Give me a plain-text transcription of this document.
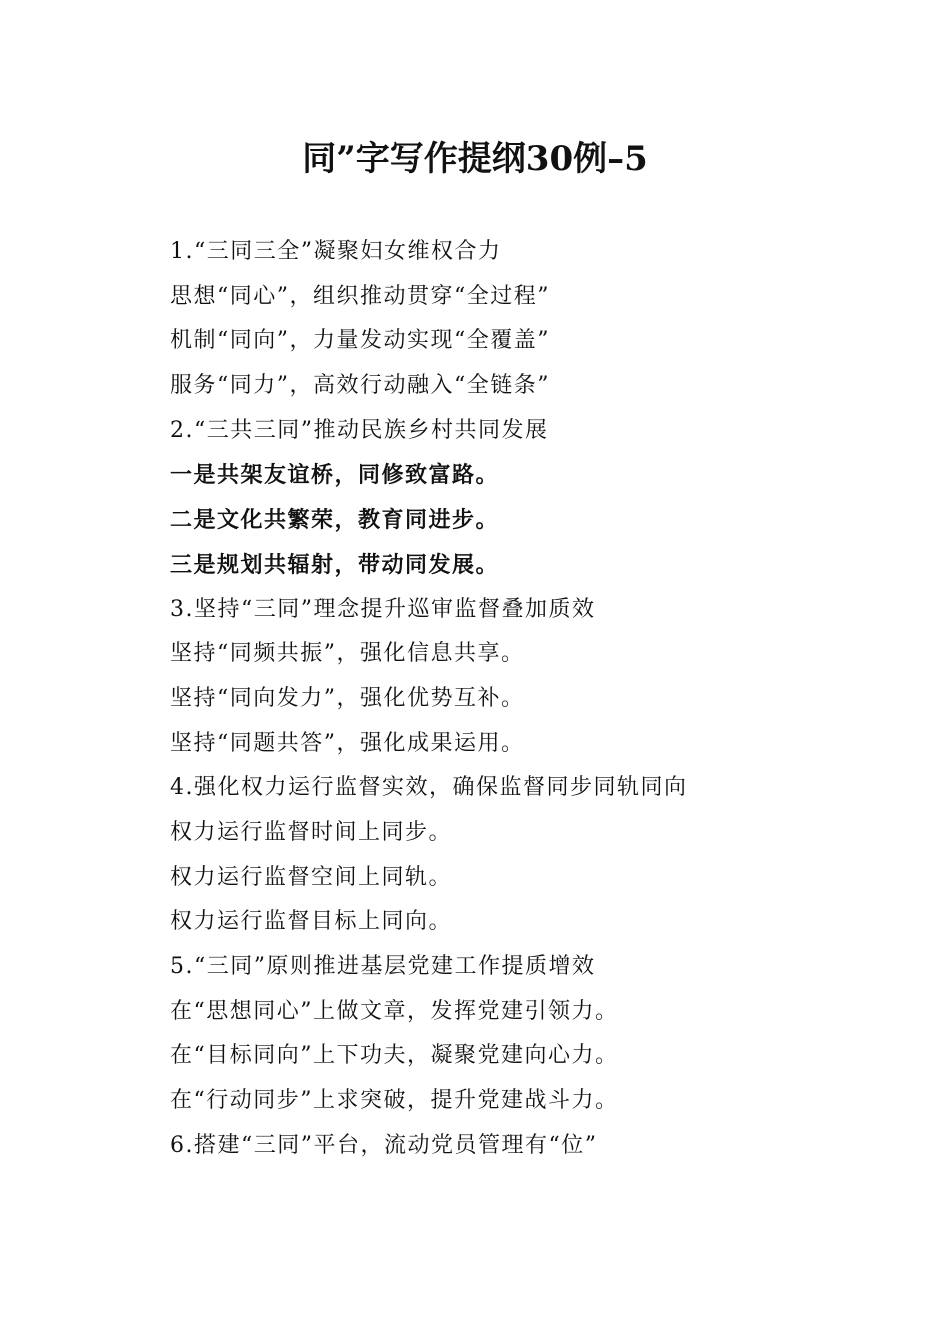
同”字写作提纲30例–5
1.“三同三全”凝聚妇女维权合力
思想“同心”，组织推动贯穿“全过程”
机制“同向”，力量发动实现“全覆盖”
服务“同力”，高效行动融入“全链条”
2.“三共三同”推动民族乡村共同发展
一是共架友谊桥，同修致富路。
二是文化共繁荣，教育同进步。
三是规划共辐射，带动同发展。
3.坚持“三同”理念提升巡审监督叠加质效
坚持“同频共振”，强化信息共享。
坚持“同向发力”，强化优势互补。
坚持“同题共答”，强化成果运用。
4.强化权力运行监督实效，确保监督同步同轨同向
权力运行监督时间上同步。
权力运行监督空间上同轨。
权力运行监督目标上同向。
5.“三同”原则推进基层党建工作提质增效
在“思想同心”上做文章，发挥党建引领力。
在“目标同向”上下功夫，凝聚党建向心力。
在“行动同步”上求突破，提升党建战斗力。
6.搭建“三同”平台，流动党员管理有“位”
